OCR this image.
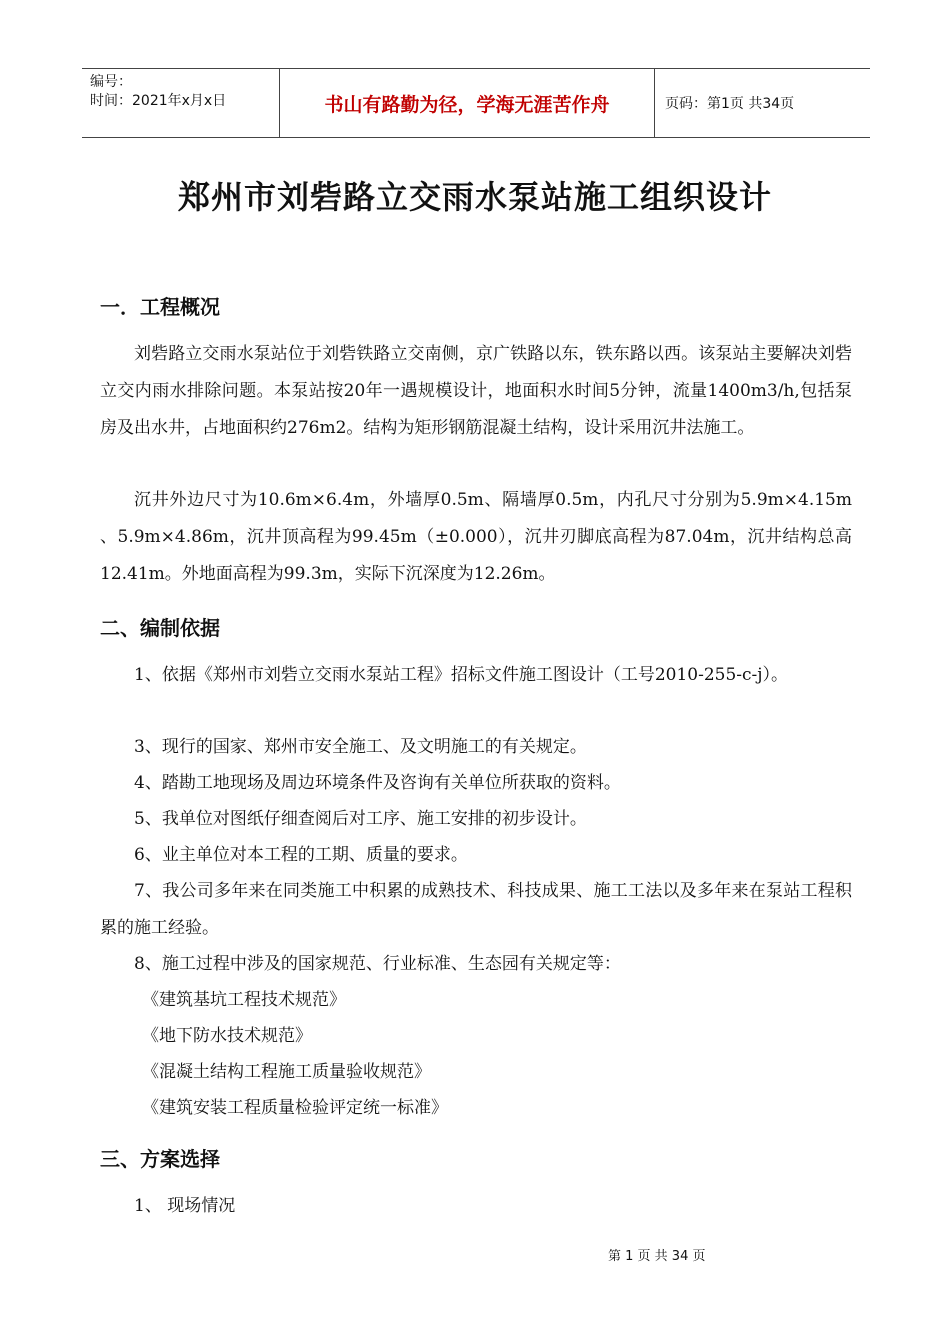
编号：
时间：2021年x月x日	书山有路勤为径，学海无涯苦作舟	页码：第1页 共34页
郑州市刘砦路立交雨水泵站施工组织设计
一．工程概况
刘砦路立交雨水泵站位于刘砦铁路立交南侧，京广铁路以东，铁东路以西。该泵站主要解决刘砦立交内雨水排除问题。本泵站按20年一遇规模设计，地面积水时间5分钟，流量1400m3/h,包括泵房及出水井，占地面积约276m2。结构为矩形钢筋混凝土结构，设计采用沉井法施工。
沉井外边尺寸为10.6m×6.4m，外墙厚0.5m、隔墙厚0.5m，内孔尺寸分别为5.9m×4.15m 、5.9m×4.86m，沉井顶高程为99.45m（±0.000），沉井刃脚底高程为87.04m，沉井结构总高12.41m。外地面高程为99.3m，实际下沉深度为12.26m。
二、编制依据
1、依据《郑州市刘砦立交雨水泵站工程》招标文件施工图设计（工号2010-255-c-j）。
3、现行的国家、郑州市安全施工、及文明施工的有关规定。
4、踏勘工地现场及周边环境条件及咨询有关单位所获取的资料。
5、我单位对图纸仔细查阅后对工序、施工安排的初步设计。
6、业主单位对本工程的工期、质量的要求。
7、我公司多年来在同类施工中积累的成熟技术、科技成果、施工工法以及多年来在泵站工程积累的施工经验。
8、施工过程中涉及的国家规范、行业标准、生态园有关规定等：
《建筑基坑工程技术规范》
《地下防水技术规范》
《混凝土结构工程施工质量验收规范》
《建筑安装工程质量检验评定统一标准》
三、方案选择
1、 现场情况
第 1 页 共 34 页
